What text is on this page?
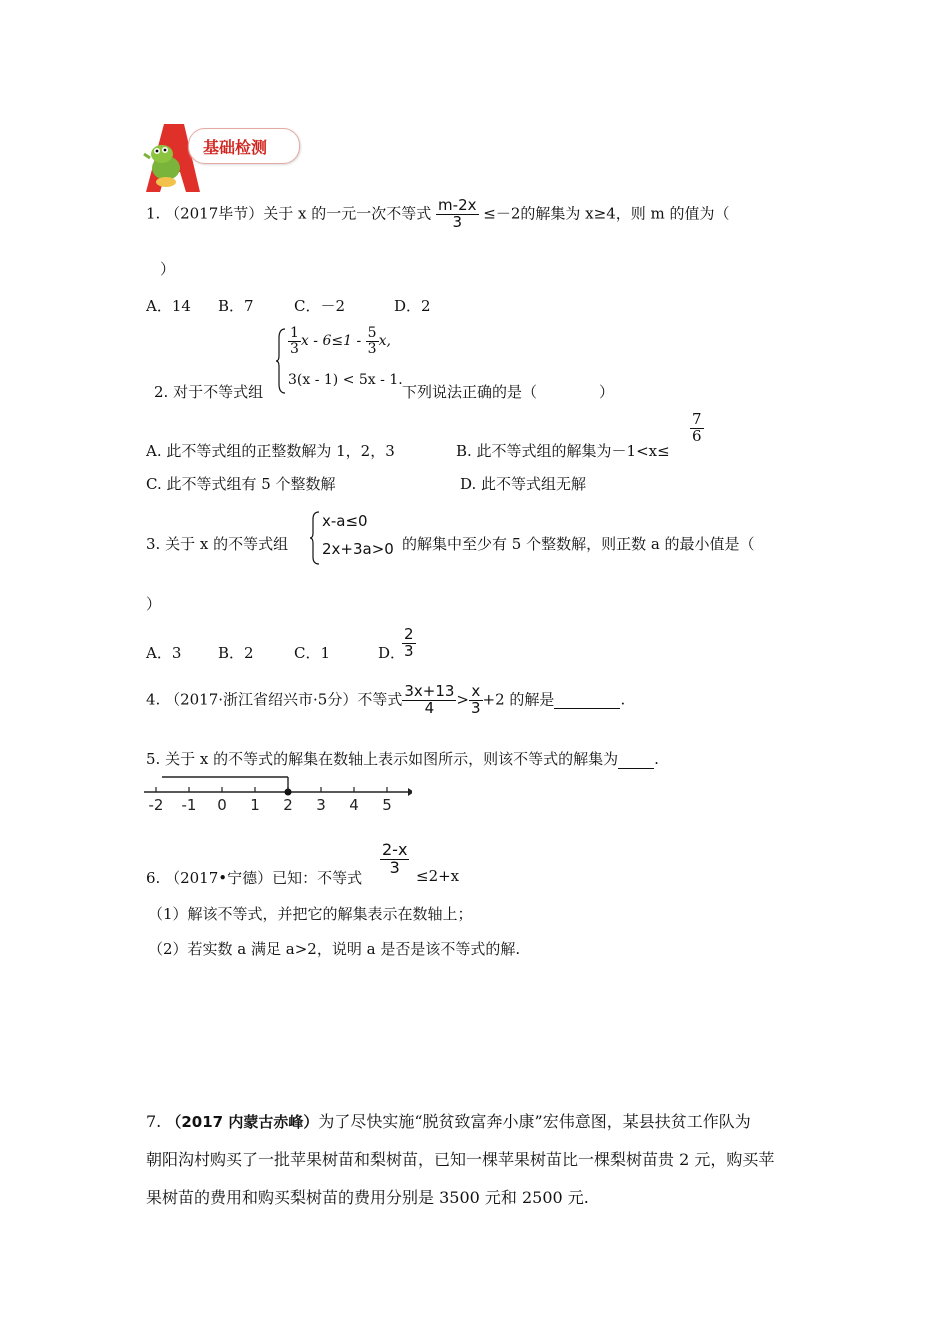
基础检测
1. （2017毕节）关于 x 的一元一次不等式 $\frac{m-2x}{3} \le-2$的解集为 x≥4，则 m 的值为（
）
A．14 B．7	C．－2	D．2
2. 对于不等式组
$\frac{1}{3}$ $x - 6\le 1 - \frac{5}{3} x$,
3(x - 1) < 5x - 1.
下列说法正确的是（	）
A. 此不等式组的正整数解为 1，2，3	B. 此不等式组的解集为－1<x≤
$\frac{7}{6}$
C. 此不等式组有 5 个整数解	D. 此不等式组无解
3. 关于 x 的不等式组
x-a≤0
2x+3a>0 的解集中至少有 5 个整数解，则正数 a 的最小值是（
）
A．3 B．2	C．1	D．
$\frac{2}{3}$
4. （2017·浙江省绍兴市·5分）不等式 $\frac{3x+13}{4} > \frac{x}{3} +2$ 的解是	.
5. 关于 x 的不等式的解集在数轴上表示如图所示，则该不等式的解集为 .
-2 -1 0 1 2 3 4 5
6. （2017•宁德）已知：不等式
$\frac{2-x}{3} \le 2+x$
（1）解该不等式，并把它的解集表示在数轴上；
（2）若实数 a 满足 a>2，说明 a 是否是该不等式的解.
7. （2017 内蒙古赤峰）为了尽快实施“脱贫致富奔小康”宏伟意图，某县扶贫工作队为
朝阳沟村购买了一批苹果树苗和梨树苗，已知一棵苹果树苗比一棵梨树苗贵 2 元，购买苹
果树苗的费用和购买梨树苗的费用分别是 3500 元和 2500 元.
